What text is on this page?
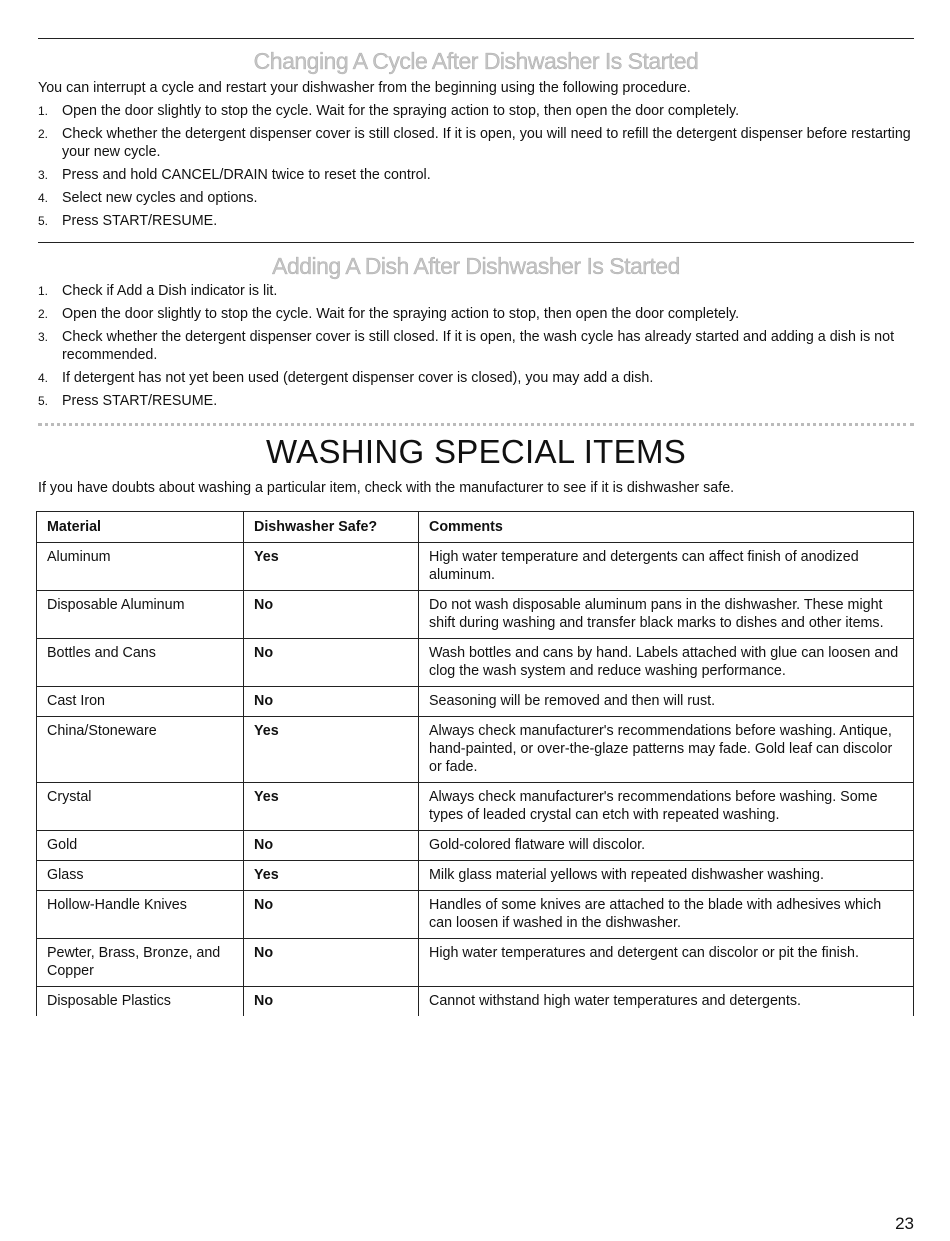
Changing A Cycle After Dishwasher Is Started
You can interrupt a cycle and restart your dishwasher from the beginning using the following procedure.
1. Open the door slightly to stop the cycle. Wait for the spraying action to stop, then open the door completely.
2. Check whether the detergent dispenser cover is still closed. If it is open, you will need to refill the detergent dispenser before restarting your new cycle.
3. Press and hold CANCEL/DRAIN twice to reset the control.
4. Select new cycles and options.
5. Press START/RESUME.
Adding A Dish After Dishwasher Is Started
1. Check if Add a Dish indicator is lit.
2. Open the door slightly to stop the cycle. Wait for the spraying action to stop, then open the door completely.
3. Check whether the detergent dispenser cover is still closed. If it is open, the wash cycle has already started and adding a dish is not recommended.
4. If detergent has not yet been used (detergent dispenser cover is closed), you may add a dish.
5. Press START/RESUME.
WASHING SPECIAL ITEMS
If you have doubts about washing a particular item, check with the manufacturer to see if it is dishwasher safe.
Material	Dishwasher Safe?	Comments
Aluminum	Yes	High water temperature and detergents can affect finish of anodized aluminum.
Disposable Aluminum	No	Do not wash disposable aluminum pans in the dishwasher. These might shift during washing and transfer black marks to dishes and other items.
Bottles and Cans	No	Wash bottles and cans by hand. Labels attached with glue can loosen and clog the wash system and reduce washing performance.
Cast Iron	No	Seasoning will be removed and then will rust.
China/Stoneware	Yes	Always check manufacturer's recommendations before washing. Antique, hand-painted, or over-the-glaze patterns may fade. Gold leaf can discolor or fade.
Crystal	Yes	Always check manufacturer's recommendations before washing. Some types of leaded crystal can etch with repeated washing.
Gold	No	Gold-colored flatware will discolor.
Glass	Yes	Milk glass material yellows with repeated dishwasher washing.
Hollow-Handle Knives	No	Handles of some knives are attached to the blade with adhesives which can loosen if washed in the dishwasher.
Pewter, Brass, Bronze, and Copper	No	High water temperatures and detergent can discolor or pit the finish.
Disposable Plastics	No	Cannot withstand high water temperatures and detergents.
23
